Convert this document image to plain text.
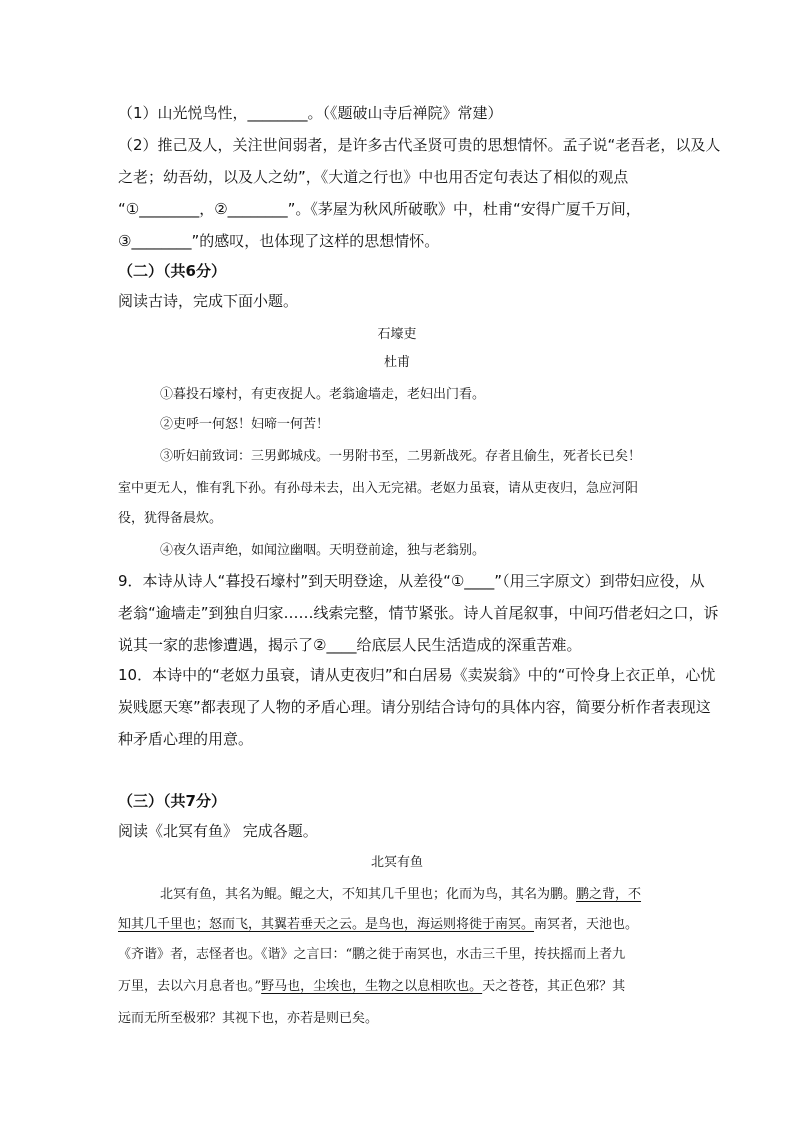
（1）山光悦鸟性，________。（《题破山寺后禅院》常建）
（2）推己及人，关注世间弱者，是许多古代圣贤可贵的思想情怀。孟子说“老吾老，以及人
之老；幼吾幼，以及人之幼”，《大道之行也》中也用否定句表达了相似的观点
“①________，②________”。《茅屋为秋风所破歌》中，杜甫“安得广厦千万间，
③________”的感叹，也体现了这样的思想情怀。
（二）（共6分）
阅读古诗，完成下面小题。
石壕吏
杜甫
①暮投石壕村，有吏夜捉人。老翁逾墙走，老妇出门看。
②吏呼一何怒！妇啼一何苦！
③听妇前致词：三男邺城戍。一男附书至，二男新战死。存者且偷生，死者长已矣！
室中更无人，惟有乳下孙。有孙母未去，出入无完裙。老妪力虽衰，请从吏夜归，急应河阳
役，犹得备晨炊。
④夜久语声绝，如闻泣幽咽。天明登前途，独与老翁别。
9．本诗从诗人“暮投石壕村”到天明登途，从差役“①____”（用三字原文）到带妇应役，从
老翁“逾墙走”到独自归家……线索完整，情节紧张。诗人首尾叙事，中间巧借老妇之口，诉
说其一家的悲惨遭遇，揭示了②____给底层人民生活造成的深重苦难。
10．本诗中的“老妪力虽衰，请从吏夜归”和白居易《卖炭翁》中的“可怜身上衣正单，心忧
炭贱愿天寒”都表现了人物的矛盾心理。请分别结合诗句的具体内容，简要分析作者表现这
种矛盾心理的用意。
（三）（共7分）
阅读《北冥有鱼》 完成各题。
北冥有鱼
北冥有鱼，其名为鲲。鲲之大，不知其几千里也；化而为鸟，其名为鹏。鹏之背，不
知其几千里也；怒而飞，其翼若垂天之云。是鸟也，海运则将徙于南冥。南冥者，天池也。
《齐谐》者，志怪者也。《谐》之言曰：“鹏之徙于南冥也，水击三千里，抟扶摇而上者九
万里，去以六月息者也。”野马也，尘埃也，生物之以息相吹也。天之苍苍，其正色邪？其
远而无所至极邪？其视下也，亦若是则已矣。
